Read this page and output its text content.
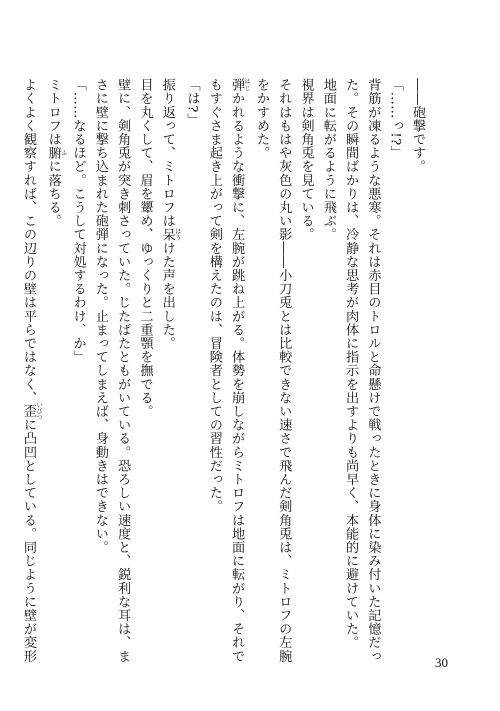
――砲撃です。
「……っ!?」
背筋が凍るような悪寒。それは赤目のトロルと命懸けで戦ったときに身体に染み付いた記憶だっ
た。その瞬間ばかりは、冷静な思考が肉体に指示を出すよりも尚早く、本能的に避けていた。
地面に転がるように飛ぶ。
視界は剣角兎を見ている。
それはもはや灰色の丸い影――小刀兎とは比較できない速さで飛んだ剣角兎は、ミトロフの左腕
をかすめた。
弾 はじかれるような衝撃に、左腕が跳ね上がる。体勢を崩しながらミトロフは地面に転がり、それで
もすぐさま起き上がって剣を構えたのは、冒険者としての習性だった。
「は?」
振り返って、ミトロフは呆 ほうけた声を出した。
目を丸くして、眉を顰め、ゆっくりと二重顎を撫でる。
壁に、剣角兎が突き刺さっていた。じたばたともがいている。恐ろしい速度と、鋭利な耳は、ま
さに壁に撃ち込まれた砲弾になった。止まってしまえば、身動きはできない。
「……なるほど。こうして対処するわけ、か」
ミトロフは腑 ふに落ちる。
よくよく観察すれば、この辺りの壁は平らではなく、歪 いびつに凸凹としている。同じように壁が変形	30
